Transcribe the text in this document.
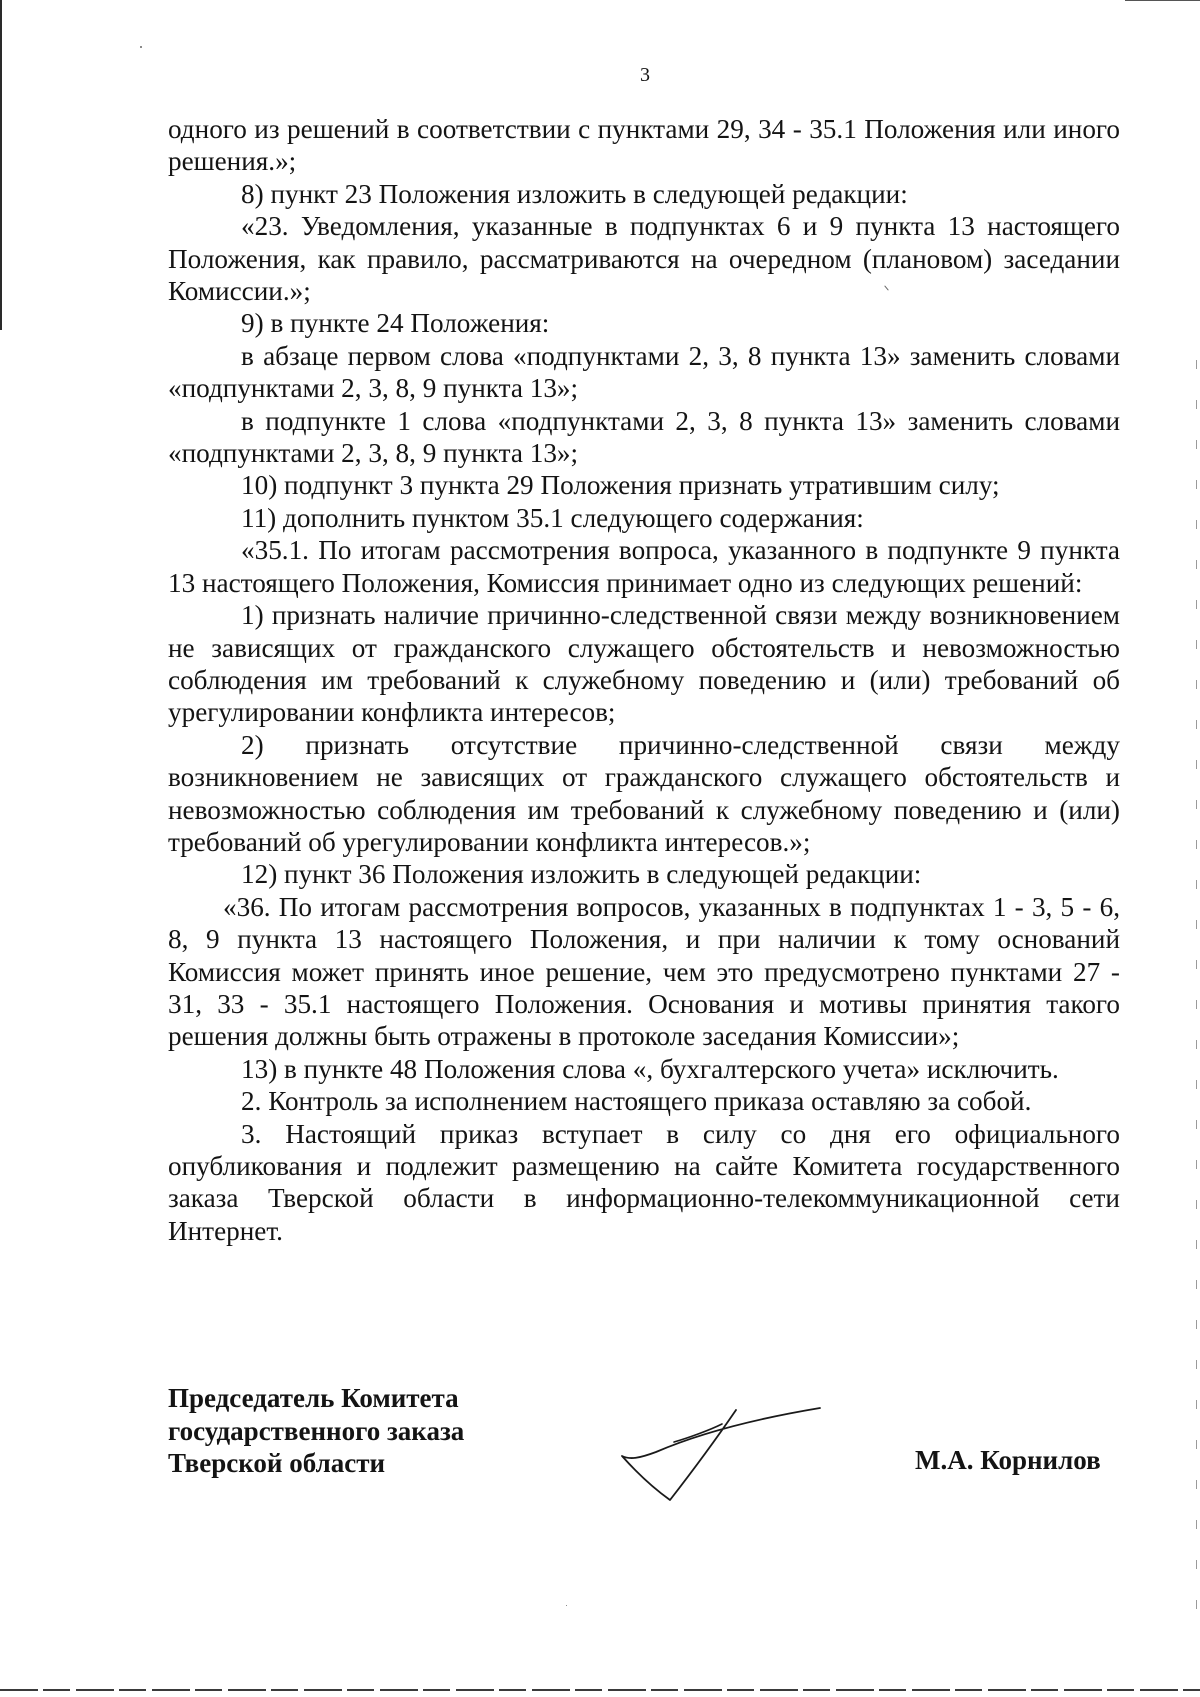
3

одного из решений в соответствии с пунктами 29, 34 - 35.1 Положения или иного решения.»;

8) пункт 23 Положения изложить в следующей редакции:

«23. Уведомления, указанные в подпунктах 6 и 9 пункта 13 настоящего Положения, как правило, рассматриваются на очередном (плановом) заседании Комиссии.»;

9) в пункте 24 Положения:

в абзаце первом слова «подпунктами 2, 3, 8 пункта 13» заменить словами «подпунктами 2, 3, 8, 9 пункта 13»;

в подпункте 1 слова «подпунктами 2, 3, 8 пункта 13» заменить словами «подпунктами 2, 3, 8, 9 пункта 13»;

10) подпункт 3 пункта 29 Положения признать утратившим силу;

11) дополнить пунктом 35.1 следующего содержания:

«35.1. По итогам рассмотрения вопроса, указанного в подпункте 9 пункта 13 настоящего Положения, Комиссия принимает одно из следующих решений:

1) признать наличие причинно-следственной связи между возникновением не зависящих от гражданского служащего обстоятельств и невозможностью соблюдения им требований к служебному поведению и (или) требований об урегулировании конфликта интересов;

2) признать отсутствие причинно-следственной связи между возникновением не зависящих от гражданского служащего обстоятельств и невозможностью соблюдения им требований к служебному поведению и (или) требований об урегулировании конфликта интересов.»;

12) пункт 36 Положения изложить в следующей редакции:

«36. По итогам рассмотрения вопросов, указанных в подпунктах 1 - 3, 5 - 6, 8, 9 пункта 13 настоящего Положения, и при наличии к тому оснований Комиссия может принять иное решение, чем это предусмотрено пунктами 27 - 31, 33 - 35.1 настоящего Положения. Основания и мотивы принятия такого решения должны быть отражены в протоколе заседания Комиссии»;

13) в пункте 48 Положения слова «, бухгалтерского учета» исключить.

2. Контроль за исполнением настоящего приказа оставляю за собой.

3. Настоящий приказ вступает в силу со дня его официального опубликования и подлежит размещению на сайте Комитета государственного заказа Тверской области в информационно-телекоммуникационной сети Интернет.

Председатель Комитета
государственного заказа
Тверской области	М.А. Корнилов
